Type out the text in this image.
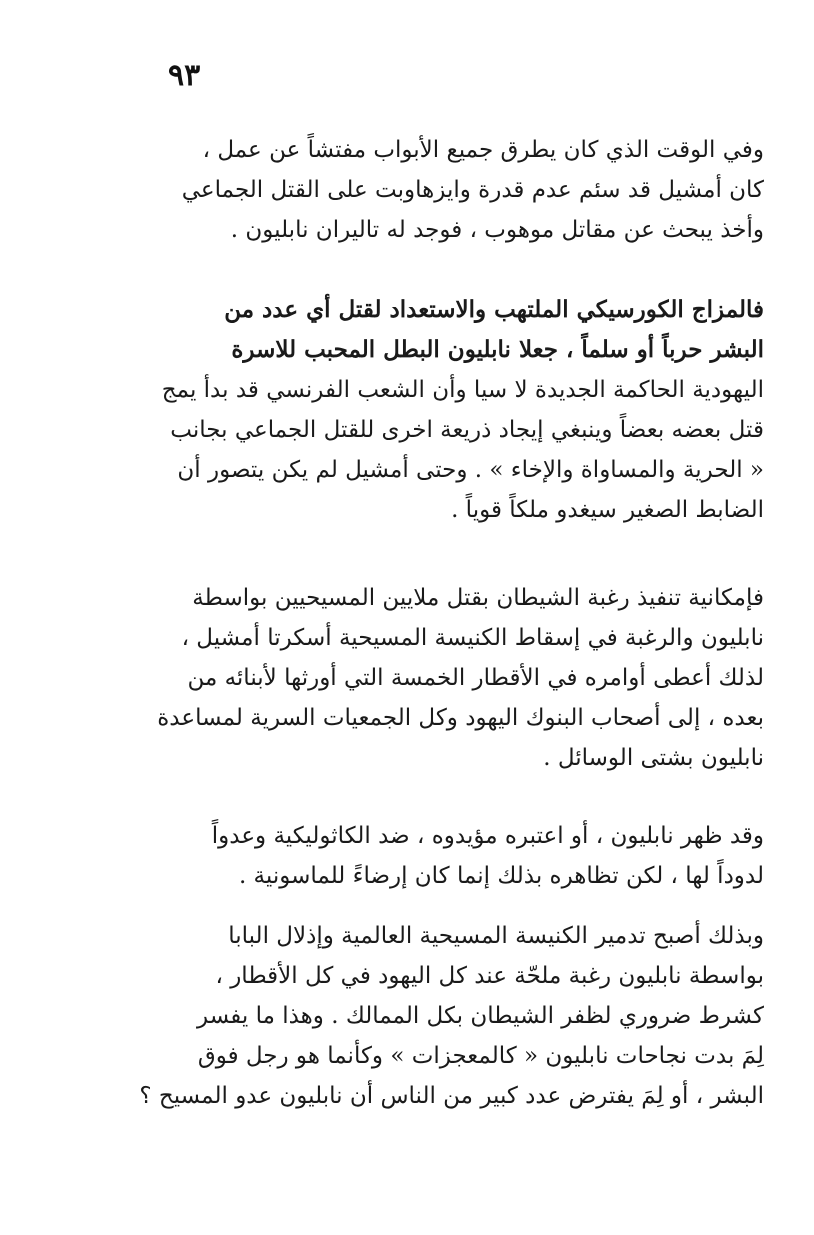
٩٣
وفي الوقت الذي كان يطرق جميع الأبواب مفتشاً عن عمل ،
كان أمشيل قد سئم عدم قدرة وايزهاوبت على القتل الجماعي
وأخذ يبحث عن مقاتل موهوب ، فوجد له تاليران نابليون .
فالمزاج الكورسيكي الملتهب والاستعداد لقتل أي عدد من
البشر حرباً أو سلماً ، جعلا نابليون البطل المحبب للاسرة
اليهودية الحاكمة الجديدة لا سيا وأن الشعب الفرنسي قد بدأ يمج
قتل بعضه بعضاً وينبغي إيجاد ذريعة اخرى للقتل الجماعي بجانب
« الحرية والمساواة والإخاء » . وحتى أمشيل لم يكن يتصور أن
الضابط الصغير سيغدو ملكاً قوياً .
فإمكانية تنفيذ رغبة الشيطان بقتل ملايين المسيحيين بواسطة
نابليون والرغبة في إسقاط الكنيسة المسيحية أسكرتا أمشيل ،
لذلك أعطى أوامره في الأقطار الخمسة التي أورثها لأبنائه من
بعده ، إلى أصحاب البنوك اليهود وكل الجمعيات السرية لمساعدة
نابليون بشتى الوسائل .
وقد ظهر نابليون ، أو اعتبره مؤيدوه ، ضد الكاثوليكية وعدواً
لدوداً لها ، لكن تظاهره بذلك إنما كان إرضاءً للماسونية .
وبذلك أصبح تدمير الكنيسة المسيحية العالمية وإذلال البابا
بواسطة نابليون رغبة ملحّة عند كل اليهود في كل الأقطار ،
كشرط ضروري لظفر الشيطان بكل الممالك . وهذا ما يفسر
لِمَ بدت نجاحات نابليون « كالمعجزات » وكأنما هو رجل فوق
البشر ، أو لِمَ يفترض عدد كبير من الناس أن نابليون عدو المسيح ؟
